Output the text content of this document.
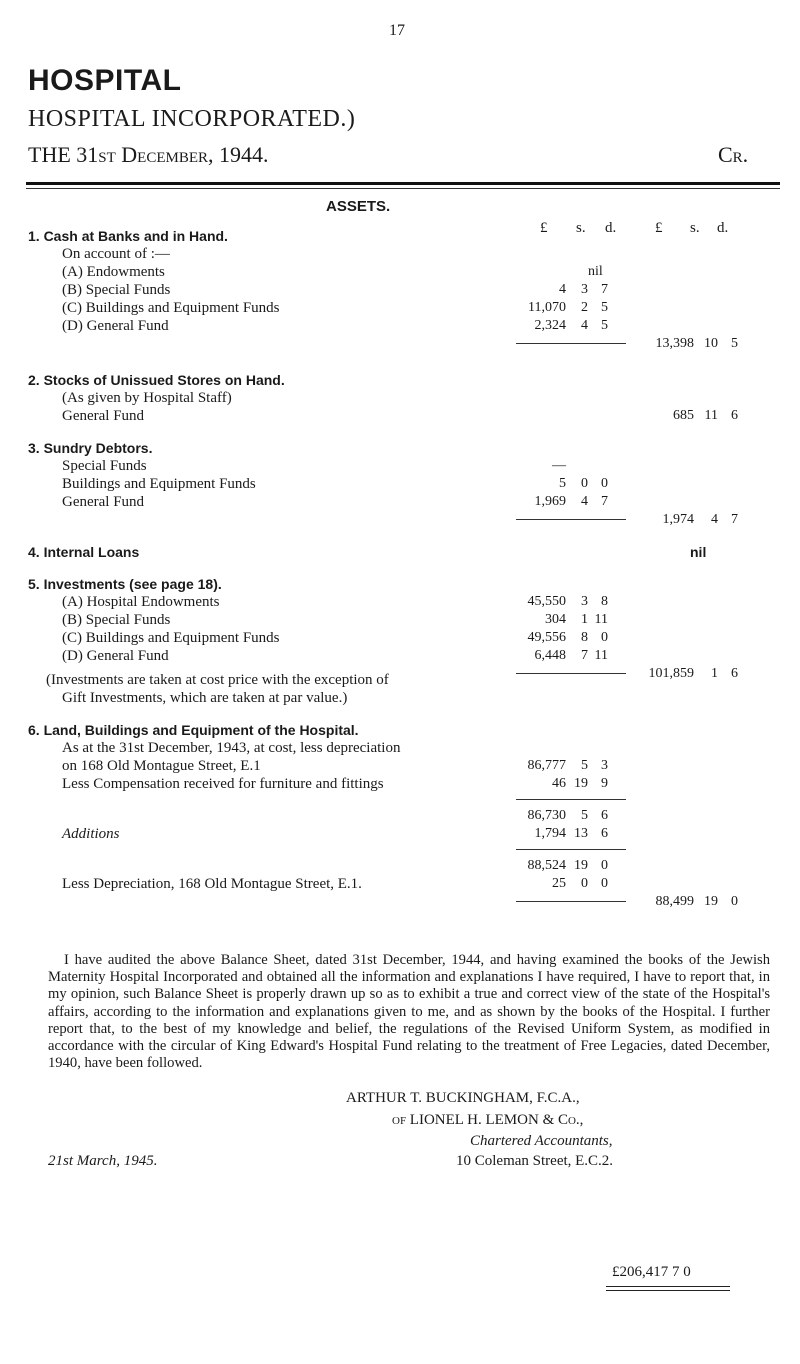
17
HOSPITAL
HOSPITAL INCORPORATED.)
THE 31st December, 1944.	Cr.
ASSETS.
£ s. d.	£ s. d.
1. Cash at Banks and in Hand.
On account of :—
(A) Endowments	nil
(B) Special Funds	4 3 7
(C) Buildings and Equipment Funds	11,070 2 5
(D) General Fund	2,324 4 5
13,398 10 5
2. Stocks of Unissued Stores on Hand.
(As given by Hospital Staff)
General Fund	685 11 6
3. Sundry Debtors.
Special Funds	—
Buildings and Equipment Funds	5 0 0
General Fund	1,969 4 7
1,974 4 7
4. Internal Loans	nil
5. Investments (see page 18).
(A) Hospital Endowments	45,550 3 8
(B) Special Funds	304 1 11
(C) Buildings and Equipment Funds	49,556 8 0
(D) General Fund	6,448 7 11
101,859 1 6
(Investments are taken at cost price with the exception of
Gift Investments, which are taken at par value.)
6. Land, Buildings and Equipment of the Hospital.
As at the 31st December, 1943, at cost, less depreciation
on 168 Old Montague Street, E.1	86,777 5 3
Less Compensation received for furniture and fittings	46 19 9
86,730 5 6
Additions	1,794 13 6
88,524 19 0
Less Depreciation, 168 Old Montague Street, E.1.	25 0 0
88,499 19 0
I have audited the above Balance Sheet, dated 31st December, 1944, and having examined the books of the Jewish Maternity Hospital Incorporated and obtained all the information and explanations I have required, I have to report that, in my opinion, such Balance Sheet is properly drawn up so as to exhibit a true and correct view of the state of the Hospital's affairs, according to the information and explanations given to me, and as shown by the books of the Hospital. I further report that, to the best of my knowledge and belief, the regulations of the Revised Uniform System, as modified in accordance with the circular of King Edward's Hospital Fund relating to the treatment of Free Legacies, dated December, 1940, have been followed.
ARTHUR T. BUCKINGHAM, F.C.A.,
of LIONEL H. LEMON & Co.,
Chartered Accountants,
21st March, 1945.	10 Coleman Street, E.C.2.
£206,417 7 0
